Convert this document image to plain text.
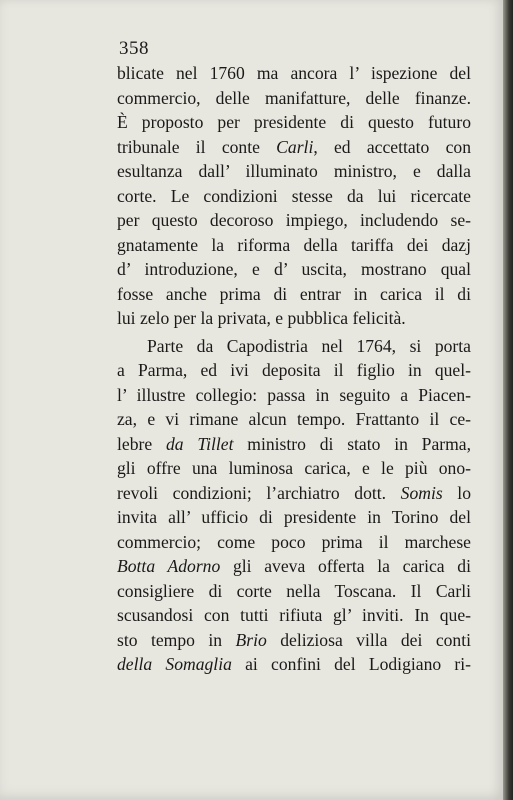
358
blicate nel 1760 ma ancora l’ ispezione del
commercio, delle manifatture, delle finanze.
È proposto per presidente di questo futuro
tribunale il conte Carli, ed accettato con
esultanza dall’ illuminato ministro, e dalla
corte. Le condizioni stesse da lui ricercate
per questo decoroso impiego, includendo se-
gnatamente la riforma della tariffa dei dazj
d’ introduzione, e d’ uscita, mostrano qual
fosse anche prima di entrar in carica il di
lui zelo per la privata, e pubblica felicità.
Parte da Capodistria nel 1764, si porta
a Parma, ed ivi deposita il figlio in quel-
l’ illustre collegio: passa in seguito a Piacen-
za, e vi rimane alcun tempo. Frattanto il ce-
lebre da Tillet ministro di stato in Parma,
gli offre una luminosa carica, e le più ono-
revoli condizioni; l’archiatro dott. Somis lo
invita all’ ufficio di presidente in Torino del
commercio; come poco prima il marchese
Botta Adorno gli aveva offerta la carica di
consigliere di corte nella Toscana. Il Carli
scusandosi con tutti rifiuta gl’ inviti. In que-
sto tempo in Brio deliziosa villa dei conti
della Somaglia ai confini del Lodigiano ri-
